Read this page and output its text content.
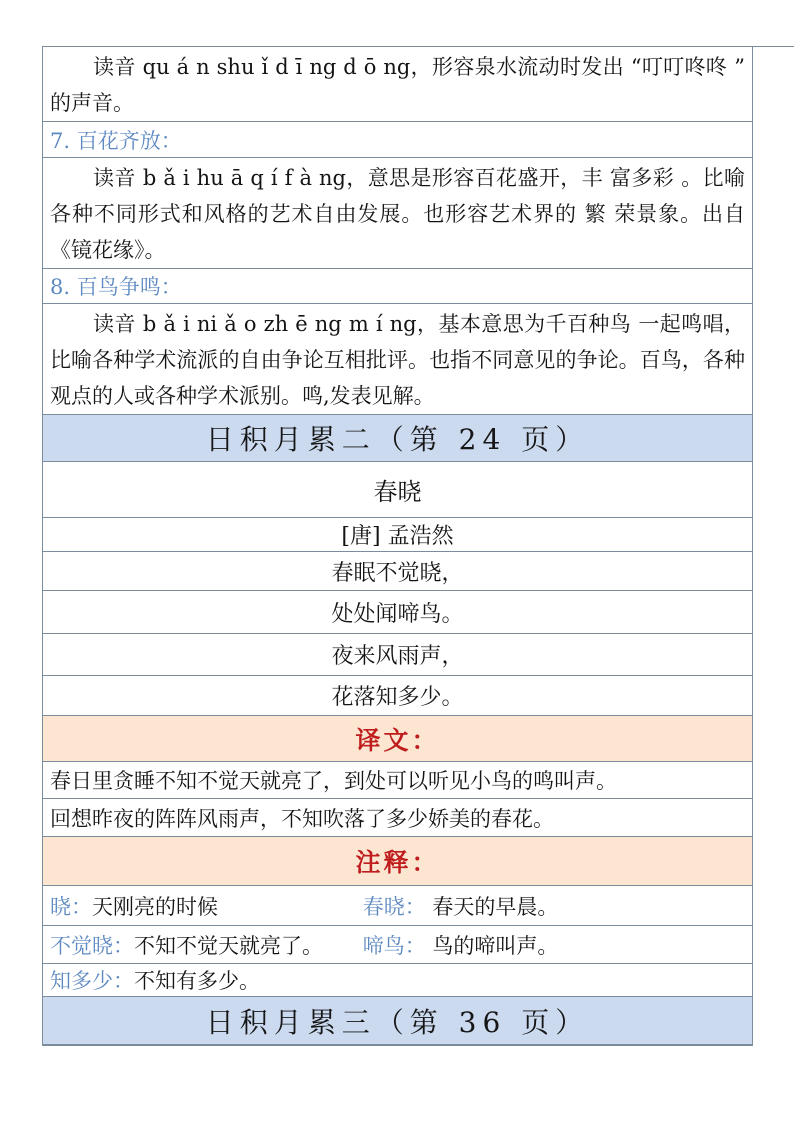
读音 qu á n shu ǐ d ī ng d ō ng，形容泉水流动时发出 “叮叮咚咚 ” 的声音。
7. 百花齐放：
读音 b ǎ i hu ā q í f à ng，意思是形容百花盛开，丰 富多彩 。比喻各种不同形式和风格的艺术自由发展。也形容艺术界的 繁 荣景象。出自《镜花缘》。
8. 百鸟争鸣：
读音 b ǎ i ni ǎ o zh ē ng m í ng，基本意思为千百种鸟 一起鸣唱， 比喻各种学术流派的自由争论互相批评。也指不同意见的争论。百鸟，各种观点的人或各种学术派别。鸣,发表见解。
日积月累二（第 24 页）
春晓
[唐] 孟浩然
春眠不觉晓，
处处闻啼鸟。
夜来风雨声，
花落知多少。
译文：
春日里贪睡不知不觉天就亮了，到处可以听见小鸟的鸣叫声。
回想昨夜的阵阵风雨声，不知吹落了多少娇美的春花。
注释：
晓：天刚亮的时候	春晓： 春天的早晨。
不觉晓：不知不觉天就亮了。	啼鸟： 鸟的啼叫声。
知多少：不知有多少。
日积月累三（第 36 页）
